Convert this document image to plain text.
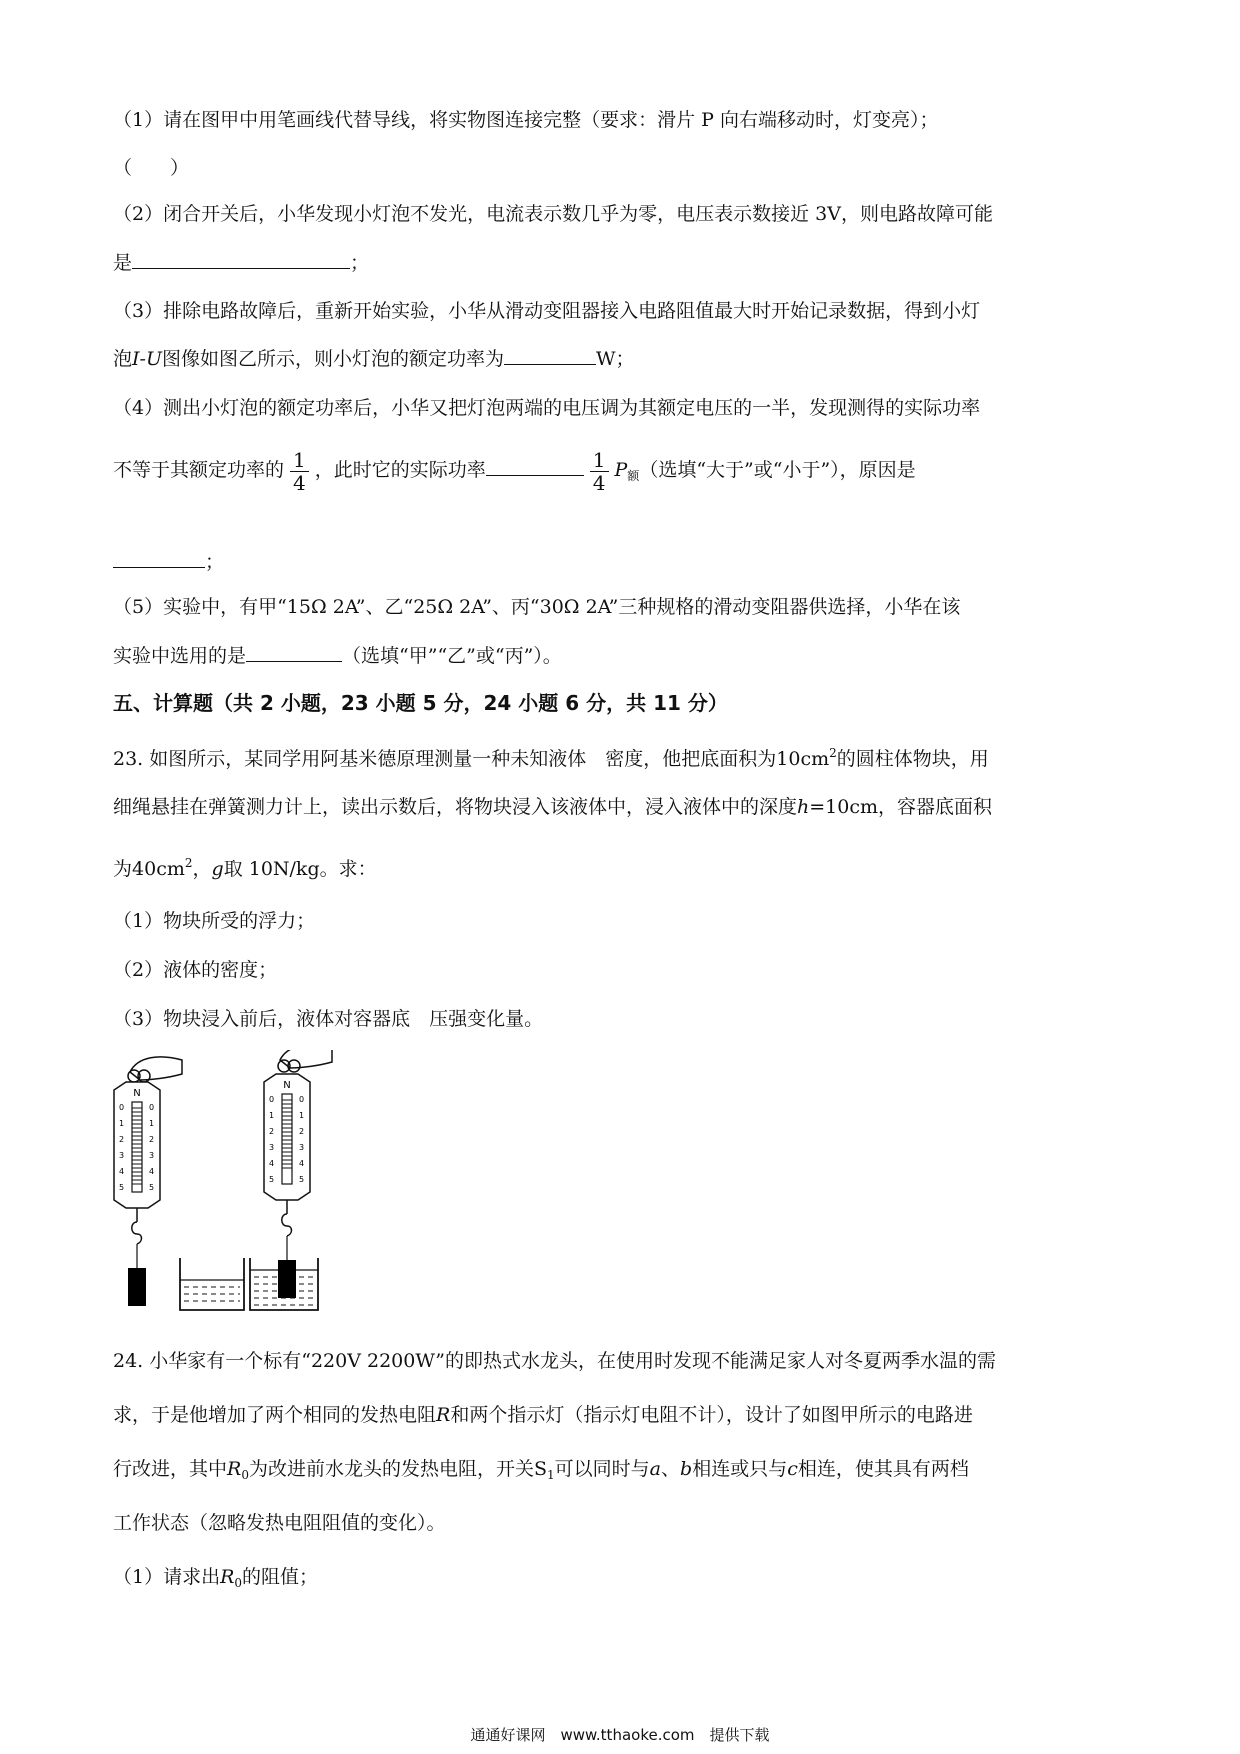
（1）请在图甲中用笔画线代替导线，将实物图连接完整（要求：滑片 P 向右端移动时，灯变亮）；
（　　）
（2）闭合开关后，小华发现小灯泡不发光，电流表示数几乎为零，电压表示数接近 3V，则电路故障可能
是	；
（3）排除电路故障后，重新开始实验，小华从滑动变阻器接入电路阻值最大时开始记录数据，得到小灯
泡I-U图像如图乙所示，则小灯泡的额定功率为	W；
（4）测出小灯泡的额定功率后，小华又把灯泡两端的电压调为其额定电压的一半，发现测得的实际功率
不等于其额定功率的 $\frac{1}{4}$ ，此时它的实际功率	$\frac{1}{4} P_额$（选填“大于”或“小于”），原因是
；
（5）实验中，有甲“15Ω 2A”、乙“25Ω 2A”、丙“30Ω 2A”三种规格的滑动变阻器供选择，小华在该
实验中选用的是	（选填“甲”“乙”或“丙”）。
五、计算题（共 2 小题，23 小题 5 分，24 小题 6 分，共 11 分）
23. 如图所示，某同学用阿基米德原理测量一种未知液体　密度，他把底面积为$10cm^2$的圆柱体物块，用
细绳悬挂在弹簧测力计上，读出示数后，将物块浸入该液体中，浸入液体中的深度h=10cm，容器底面积
为$40cm^2$，g取 10N/kg。求：
（1）物块所受的浮力；
（2）液体的密度；
（3）物块浸入前后，液体对容器底　压强变化量。
N
0	0
1	1
2	2
3	3
4	4
5	5
N
0	0
1	1
2	2
3	3
4	4
5	5
24. 小华家有一个标有“220V 2200W”的即热式水龙头，在使用时发现不能满足家人对冬夏两季水温的需
求，于是他增加了两个相同的发热电阻R和两个指示灯（指示灯电阻不计），设计了如图甲所示的电路进
行改进，其中$R_0$为改进前水龙头的发热电阻，开关$S_1$可以同时与a、b相连或只与c相连，使其具有两档
工作状态（忽略发热电阻阻值的变化）。
（1）请求出$R_0$的阻值；
通通好课网　www.tthaoke.com　提供下载
